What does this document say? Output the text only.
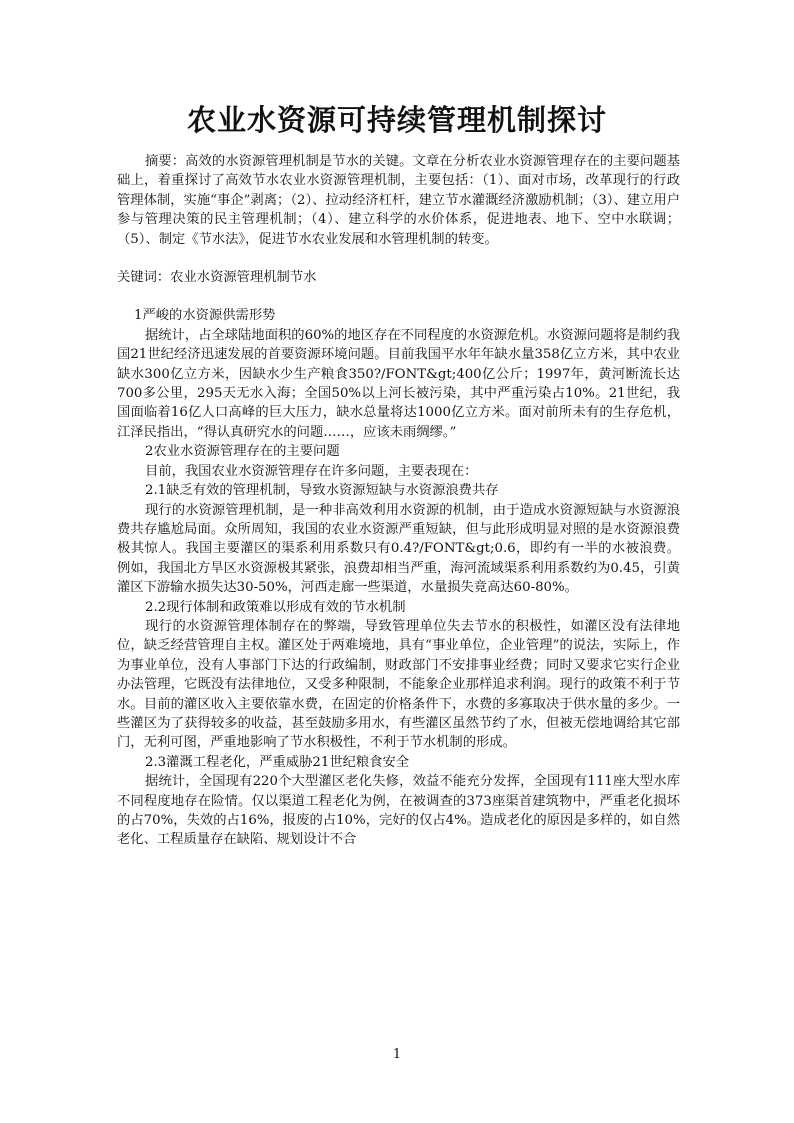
农业水资源可持续管理机制探讨

摘要：高效的水资源管理机制是节水的关键。文章在分析农业水资源管理存在的主要问题基础上，着重探讨了高效节水农业水资源管理机制，主要包括：（1）、面对市场，改革现行的行政管理体制，实施“事企”剥离；（2）、拉动经济杠杆，建立节水灌溉经济激励机制；（3）、建立用户参与管理决策的民主管理机制；（4）、建立科学的水价体系，促进地表、地下、空中水联调；（5）、制定《节水法》，促进节水农业发展和水管理机制的转变。

关键词：农业水资源管理机制节水

1严峻的水资源供需形势

据统计，占全球陆地面积的60%的地区存在不同程度的水资源危机。水资源问题将是制约我国21世纪经济迅速发展的首要资源环境问题。目前我国平水年年缺水量358亿立方米，其中农业缺水300亿立方米，因缺水少生产粮食350?/FONT&gt;400亿公斤；1997年，黄河断流长达700多公里，295天无水入海；全国50%以上河长被污染，其中严重污染占10%。21世纪，我国面临着16亿人口高峰的巨大压力，缺水总量将达1000亿立方米。面对前所未有的生存危机，江泽民指出，“得认真研究水的问题……，应该未雨绸缪。”

2农业水资源管理存在的主要问题

目前，我国农业水资源管理存在许多问题，主要表现在：

2.1缺乏有效的管理机制，导致水资源短缺与水资源浪费共存

现行的水资源管理机制，是一种非高效利用水资源的机制，由于造成水资源短缺与水资源浪费共存尴尬局面。众所周知，我国的农业水资源严重短缺，但与此形成明显对照的是水资源浪费极其惊人。我国主要灌区的渠系利用系数只有0.4?/FONT&gt;0.6，即约有一半的水被浪费。例如，我国北方旱区水资源极其紧张，浪费却相当严重，海河流域渠系利用系数约为0.45，引黄灌区下游输水损失达30-50%，河西走廊一些渠道，水量损失竟高达60-80%。

2.2现行体制和政策难以形成有效的节水机制

现行的水资源管理体制存在的弊端，导致管理单位失去节水的积极性，如灌区没有法律地位，缺乏经营管理自主权。灌区处于两难境地，具有“事业单位，企业管理”的说法，实际上，作为事业单位，没有人事部门下达的行政编制，财政部门不安排事业经费；同时又要求它实行企业办法管理，它既没有法律地位，又受多种限制，不能象企业那样追求利润。现行的政策不利于节水。目前的灌区收入主要依靠水费，在固定的价格条件下，水费的多寡取决于供水量的多少。一些灌区为了获得较多的收益，甚至鼓励多用水，有些灌区虽然节约了水，但被无偿地调给其它部门，无利可图，严重地影响了节水积极性，不利于节水机制的形成。

2.3灌溉工程老化，严重威胁21世纪粮食安全

据统计，全国现有220个大型灌区老化失修，效益不能充分发挥，全国现有111座大型水库不同程度地存在险情。仅以渠道工程老化为例，在被调查的373座渠首建筑物中，严重老化损坏的占70%，失效的占16%，报废的占10%，完好的仅占4%。造成老化的原因是多样的，如自然老化、工程质量存在缺陷、规划设计不合

1
